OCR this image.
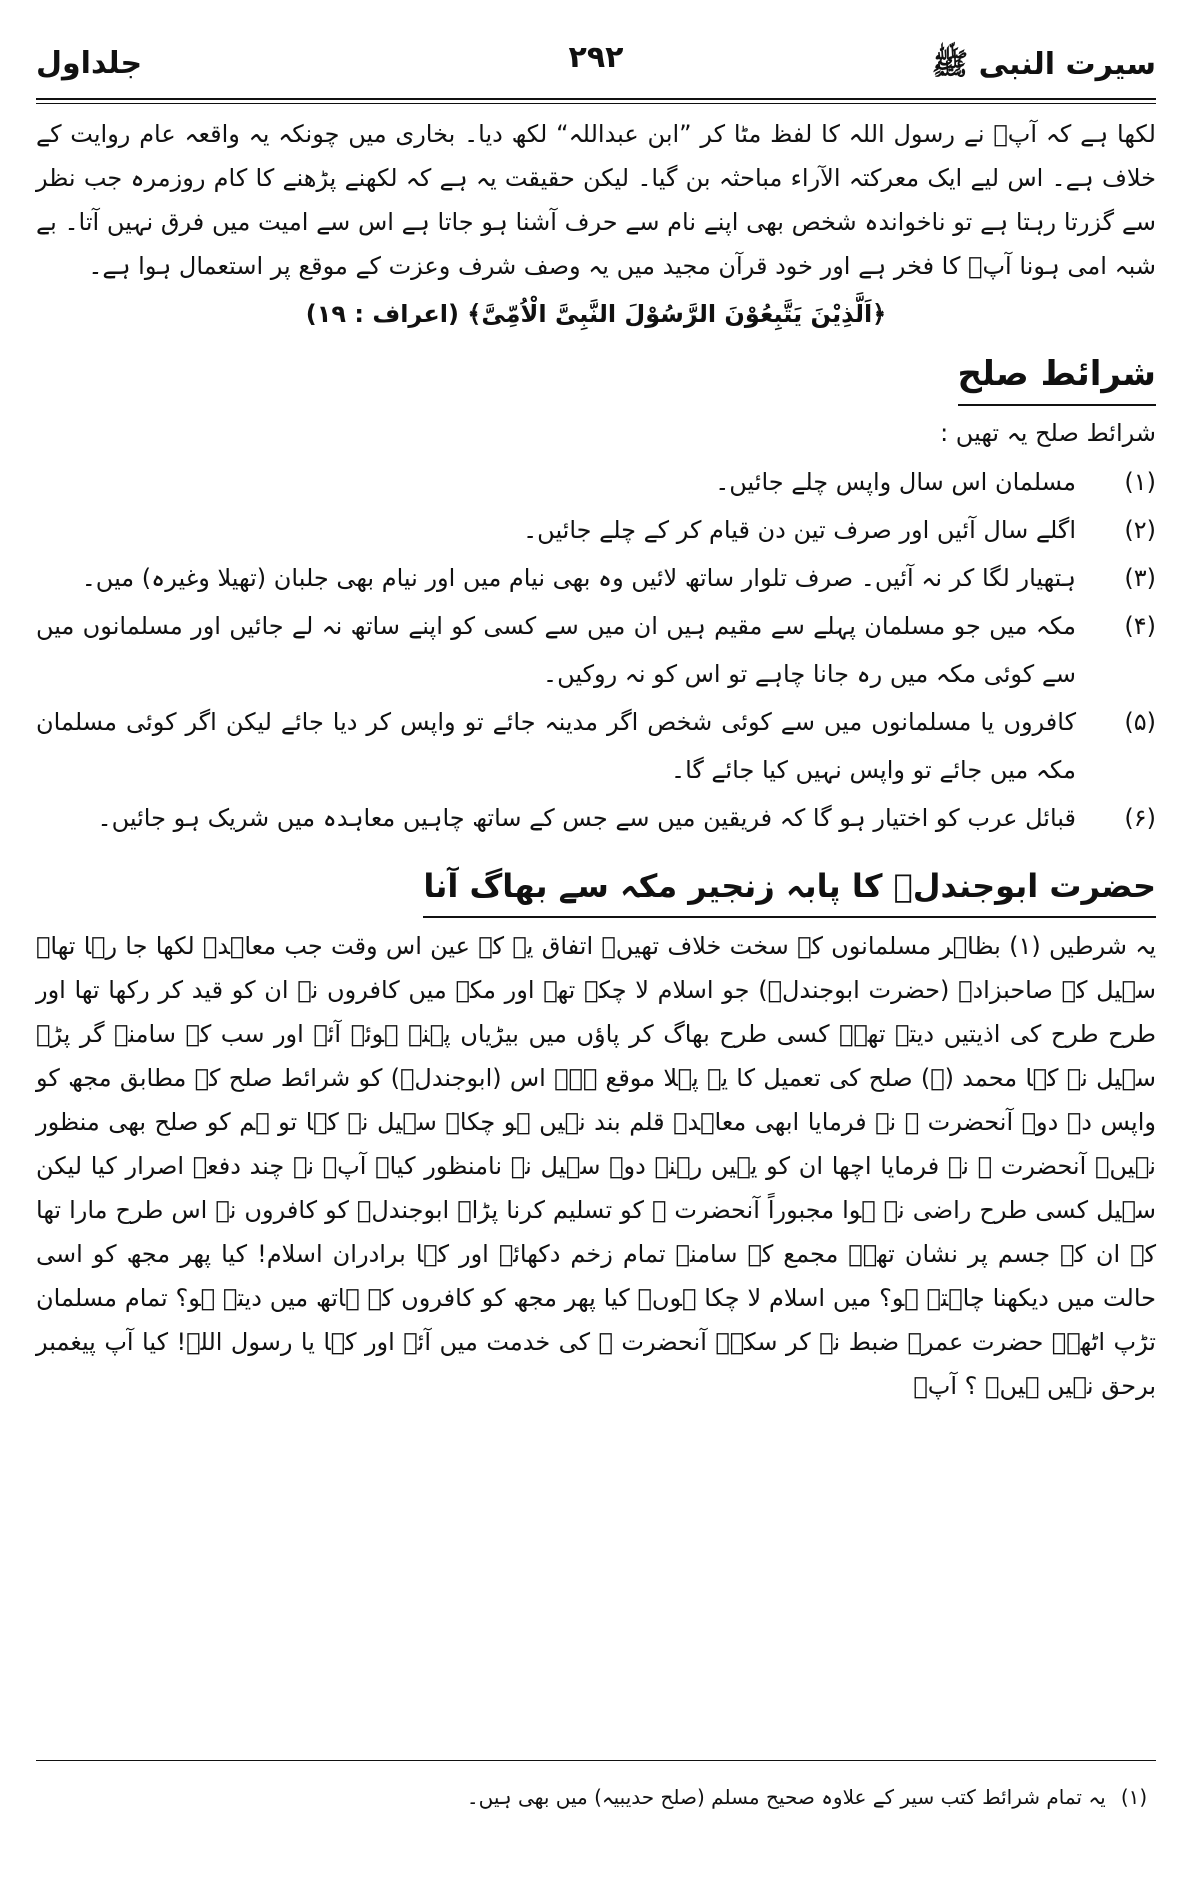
سیرت النبی ﷺ
۲۹۲
جلداول

لکھا ہے کہ آپؐ نے رسول اللہ کا لفظ مٹا کر ”ابن عبداللہ“ لکھ دیا۔ بخاری میں چونکہ یہ واقعہ عام روایت کے خلاف ہے۔ اس لیے ایک معرکتہ الآراء مباحثہ بن گیا۔ لیکن حقیقت یہ ہے کہ لکھنے پڑھنے کا کام روزمرہ جب نظر سے گزرتا رہتا ہے تو ناخواندہ شخص بھی اپنے نام سے حرف آشنا ہو جاتا ہے اس سے امیت میں فرق نہیں آتا۔ بے شبہ امی ہونا آپؐ کا فخر ہے اور خود قرآن مجید میں یہ وصف شرف وعزت کے موقع پر استعمال ہوا ہے۔

﴿اَلَّذِیْنَ یَتَّبِعُوْنَ الرَّسُوْلَ النَّبِیَّ الْاُمِّیَّ﴾ (اعراف : ۱۹)

شرائط صلح

شرائط صلح یہ تھیں :

(۱)
مسلمان اس سال واپس چلے جائیں۔
(۲)
اگلے سال آئیں اور صرف تین دن قیام کر کے چلے جائیں۔
(۳)
ہتھیار لگا کر نہ آئیں۔ صرف تلوار ساتھ لائیں وہ بھی نیام میں اور نیام بھی جلبان (تھیلا وغیرہ) میں۔
(۴)
مکہ میں جو مسلمان پہلے سے مقیم ہیں ان میں سے کسی کو اپنے ساتھ نہ لے جائیں اور مسلمانوں میں سے کوئی مکہ میں رہ جانا چاہے تو اس کو نہ روکیں۔
(۵)
کافروں یا مسلمانوں میں سے کوئی شخص اگر مدینہ جائے تو واپس کر دیا جائے لیکن اگر کوئی مسلمان مکہ میں جائے تو واپس نہیں کیا جائے گا۔
(۶)
قبائل عرب کو اختیار ہو گا کہ فریقین میں سے جس کے ساتھ چاہیں معاہدہ میں شریک ہو جائیں۔
حضرت ابوجندلؓ کا پابہ زنجیر مکہ سے بھاگ آنا

یہ شرطیں (۱) بظاہر مسلمانوں کے سخت خلاف تھیں۔ اتفاق یہ کہ عین اس وقت جب معاہدہ لکھا جا رہا تھا۔ سہیل کے صاحبزادے (حضرت ابوجندلؓ) جو اسلام لا چکے تھے اور مکہ میں کافروں نے ان کو قید کر رکھا تھا اور طرح طرح کی اذیتیں دیتے تھے۔ کسی طرح بھاگ کر پاؤں میں بیڑیاں پہنے ہوئے آئے اور سب کے سامنے گر پڑے سہیل نے کہا محمد (ﷺ) صلح کی تعمیل کا یہ پہلا موقع ہے۔ اس (ابوجندلؓ) کو شرائط صلح کے مطابق مجھ کو واپس دے دو۔ آنحضرت ﷺ نے فرمایا ابھی معاہدہ قلم بند نہیں ہو چکا۔ سہیل نے کہا تو ہم کو صلح بھی منظور نہیں۔ آنحضرت ﷺ نے فرمایا اچھا ان کو یہیں رہنے دو۔ سہیل نے نامنظور کیا۔ آپؐ نے چند دفعہ اصرار کیا لیکن سہیل کسی طرح راضی نہ ہوا مجبوراً آنحضرت ﷺ کو تسلیم کرنا پڑا۔ ابوجندلؓ کو کافروں نے اس طرح مارا تھا کہ ان کے جسم پر نشان تھے۔ مجمع کے سامنے تمام زخم دکھائے اور کہا برادران اسلام! کیا پھر مجھ کو اسی حالت میں دیکھنا چاہتے ہو؟ میں اسلام لا چکا ہوں۔ کیا پھر مجھ کو کافروں کے ہاتھ میں دیتے ہو؟ تمام مسلمان تڑپ اٹھے۔ حضرت عمرؓ ضبط نہ کر سکے۔ آنحضرت ﷺ کی خدمت میں آئے اور کہا یا رسول اللہ! کیا آپ پیغمبر برحق نہیں ہیں۔ ؟ آپؐ

(۱) یہ تمام شرائط کتب سیر کے علاوہ صحیح مسلم (صلح حدیبیہ) میں بھی ہیں۔
